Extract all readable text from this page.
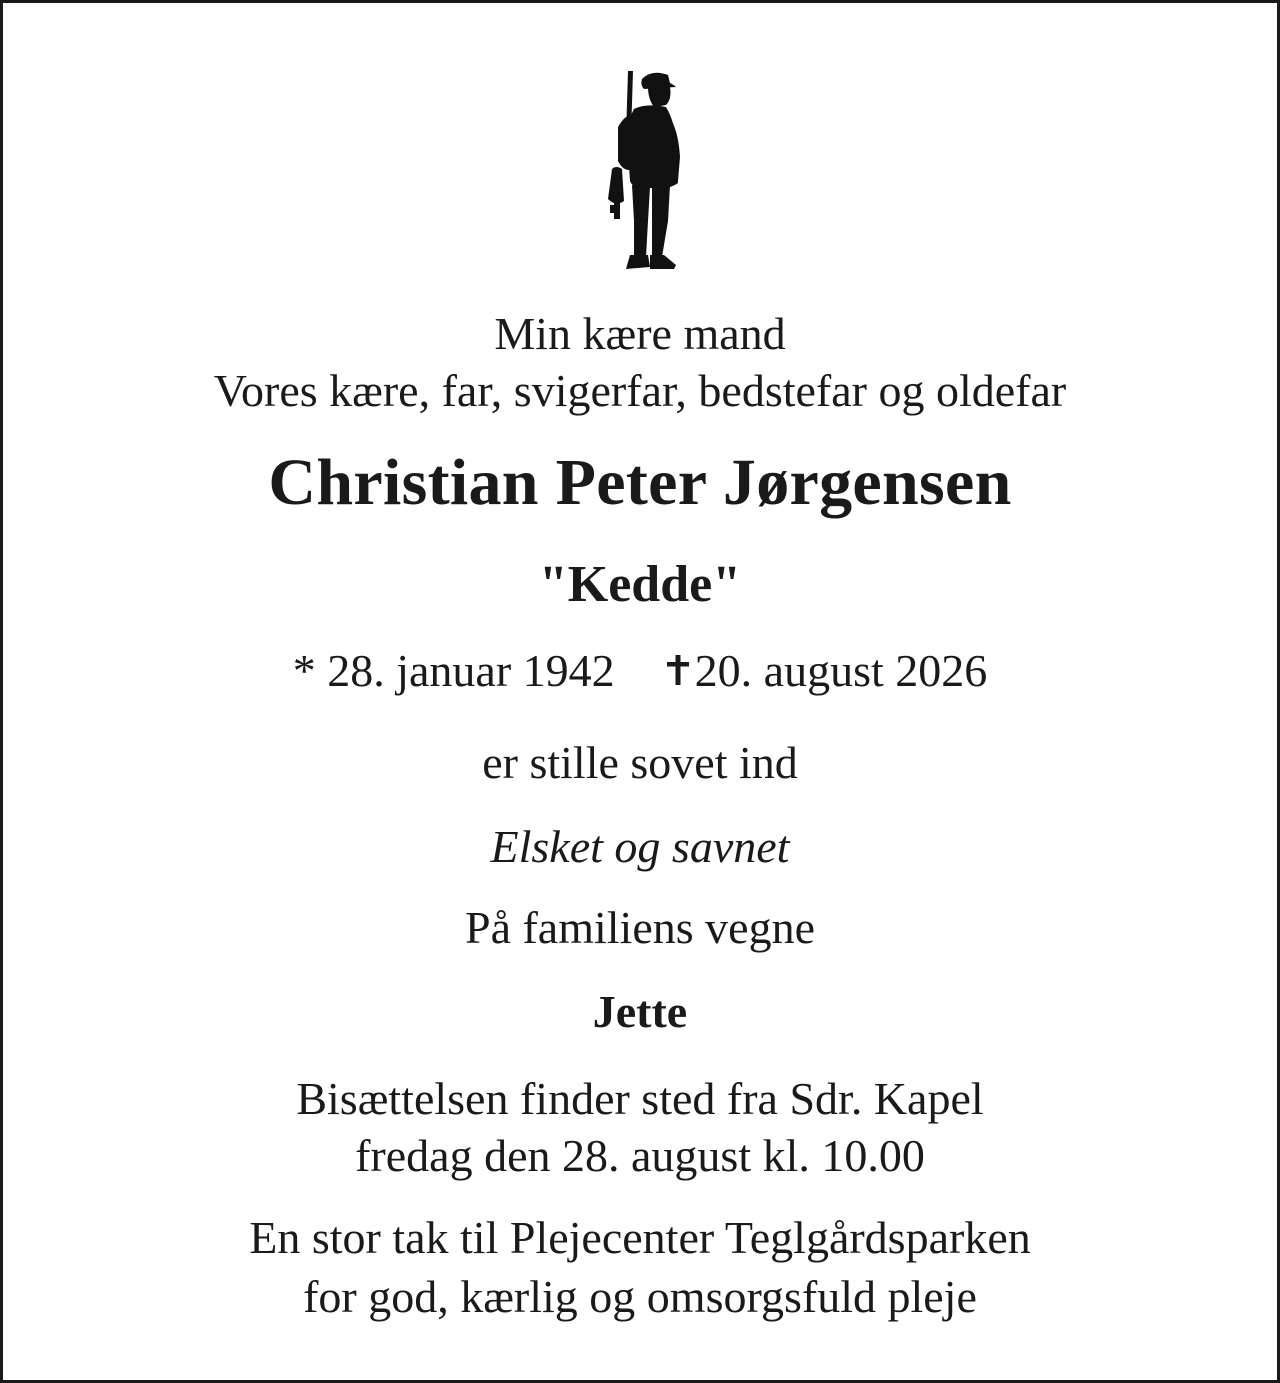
Min kære mand

Vores kære, far, svigerfar, bedstefar og oldefar

Christian Peter Jørgensen
"Kedde"

* 28. januar 1942 20. august 2026

er stille sovet ind

Elsket og savnet

På familiens vegne

Jette

Bisættelsen finder sted fra Sdr. Kapel

fredag den 28. august kl. 10.00

En stor tak til Plejecenter Teglgårdsparken

for god, kærlig og omsorgsfuld pleje
